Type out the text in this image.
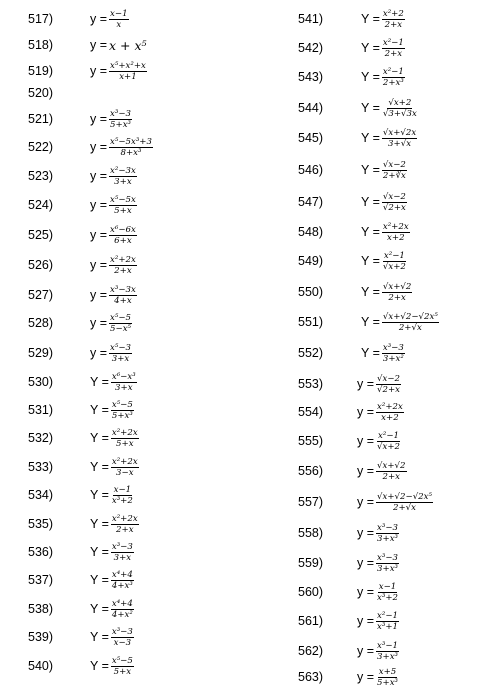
517)	$y = \frac{x-1}{x}$
518)	y = x + x⁵
519)	$y = \frac{\text{x⁵+x²+x}}{x+1}$
520)
521)	$y = \frac{\text{x³−3}}{\text{5+x³}}$
522)	$y = \frac{\text{x⁵−5x³+3}}{\text{8+x³}}$
523)	$y = \frac{\text{x²−3x}}{3+x}$
524)	$y = \frac{\text{x⁵−5x}}{5+x}$
525)	$y = \frac{\text{x⁶−6x}}{6+x}$
526)	$y = \frac{\text{x²+2x}}{2+x}$
527)	$y = \frac{\text{x³−3x}}{4+x}$
528)	$y = \frac{\text{x⁵−5}}{\text{5−x⁵}}$
529)	$y = \frac{\text{x⁵−3}}{3+x}$
530)	$Y = \frac{\text{x⁶−x³}}{3+x}$
531)	$Y = \frac{\text{x⁵−5}}{\text{5+x³}}$
532)	$Y = \frac{\text{x²+2x}}{5+x}$
533)	$Y = \frac{\text{x²+2x}}{3-x}$
534)	$Y = \frac{x-1}{\text{x³+2}}$
535)	$Y = \frac{\text{x²+2x}}{2+x}$
536)	$Y = \frac{\text{x³−3}}{3+x}$
537)	$Y = \frac{\text{x⁴+4}}{\text{4+x³}}$
538)	$Y = \frac{\text{x⁴+4}}{\text{4+x²}}$
539)	$Y = \frac{\text{x³−3}}{x-3}$
540)	$Y = \frac{\text{x⁵−5}}{5+x}$
541)	$Y = \frac{\text{x²+2}}{2+x}$
542)	$Y = \frac{\text{x²−1}}{2+x}$
543)	$Y = \frac{\text{x²−1}}{\text{2+x³}}$
544)	$Y = \frac{√x+2}{√3+√3x}$
545)	$Y = \frac{√x+√2x}{3+√x}$
546)	$Y = \frac{√x-2}{2+∛x}$
547)	$Y = \frac{√x-2}{√2+x}$
548)	$Y = \frac{\text{x²+2x}}{x+2}$
549)	$Y = \frac{\text{x²−1}}{√x+2}$
550)	$Y = \frac{√x+√2}{2+x}$
551)	$Y = \frac{\text{√x+√2−√2x⁵}}{2+√x}$
552)	$Y = \frac{\text{x³−3}}{\text{3+x²}}$
553)	$y = \frac{√x-2}{√2+x}$
554)	$y = \frac{\text{x²+2x}}{x+2}$
555)	$y = \frac{\text{x²−1}}{√x+2}$
556)	$y = \frac{√x+√2}{2+x}$
557)	$y = \frac{\text{√x+√2−√2x⁵}}{2+√x}$
558)	$y = \frac{\text{x³−3}}{\text{3+x³}}$
559)	$y = \frac{\text{x³−3}}{\text{3+x³}}$
560)	$y = \frac{x-1}{\text{x³+2}}$
561)	$y = \frac{\text{x²−1}}{\text{x³+1}}$
562)	$y = \frac{\text{x³−1}}{\text{3+x³}}$
563)	$y = \frac{x+5}{\text{5+x³}}$
